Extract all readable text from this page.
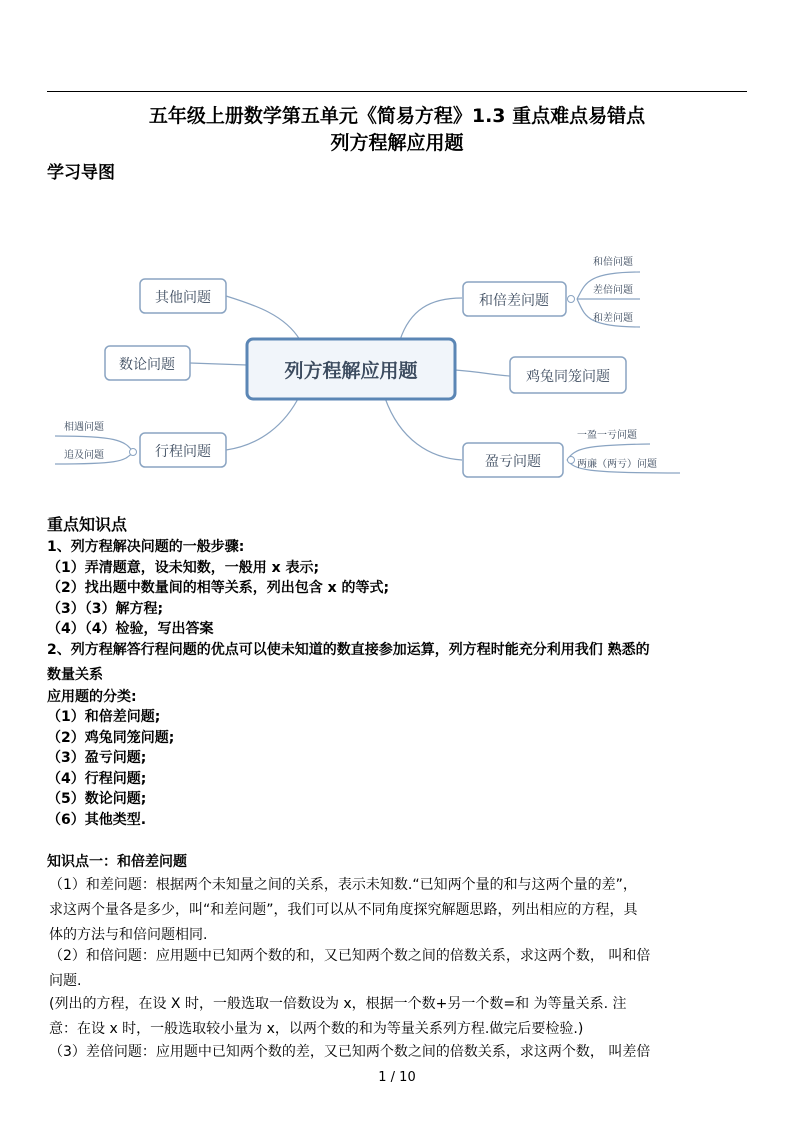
五年级上册数学第五单元《简易方程》1.3 重点难点易错点
列方程解应用题
学习导图
列方程解应用题
其他问题
数论问题
行程问题
和倍差问题
鸡兔同笼问题
盈亏问题
和倍问题
差倍问题
和差问题
一盈一亏问题
两亷（两亏）问题
相遇问题
追及问题
重点知识点
1、列方程解决问题的一般步骤:
（1）弄清题意，设未知数，一般用 x 表示;
（2）找出题中数量间的相等关系，列出包含 x 的等式;
（3）（3）解方程;
（4）（4）检验，写出答案
2、列方程解答行程问题的优点可以使未知道的数直接参加运算，列方程时能充分利用我们 熟悉的
数量关系
应用题的分类:
（1）和倍差问题;
（2）鸡兔同笼问题;
（3）盈亏问题;
（4）行程问题;
（5）数论问题;
（6）其他类型.
知识点一：和倍差问题
（1）和差问题：根据两个未知量之间的关系，表示未知数.“已知两个量的和与这两个量的差”，
求这两个量各是多少，叫“和差问题”，我们可以从不同角度探究解题思路，列出相应的方程，具
体的方法与和倍问题相同.
（2）和倍问题：应用题中已知两个数的和，又已知两个数之间的倍数关系，求这两个数， 叫和倍
问题.
(列出的方程，在设 X 时，一般选取一倍数设为 x，根据一个数+另一个数=和 为等量关系. 注
意：在设 x 时，一般选取较小量为 x，以两个数的和为等量关系列方程.做完后要检验.)
（3）差倍问题：应用题中已知两个数的差，又已知两个数之间的倍数关系，求这两个数， 叫差倍
1 / 10
